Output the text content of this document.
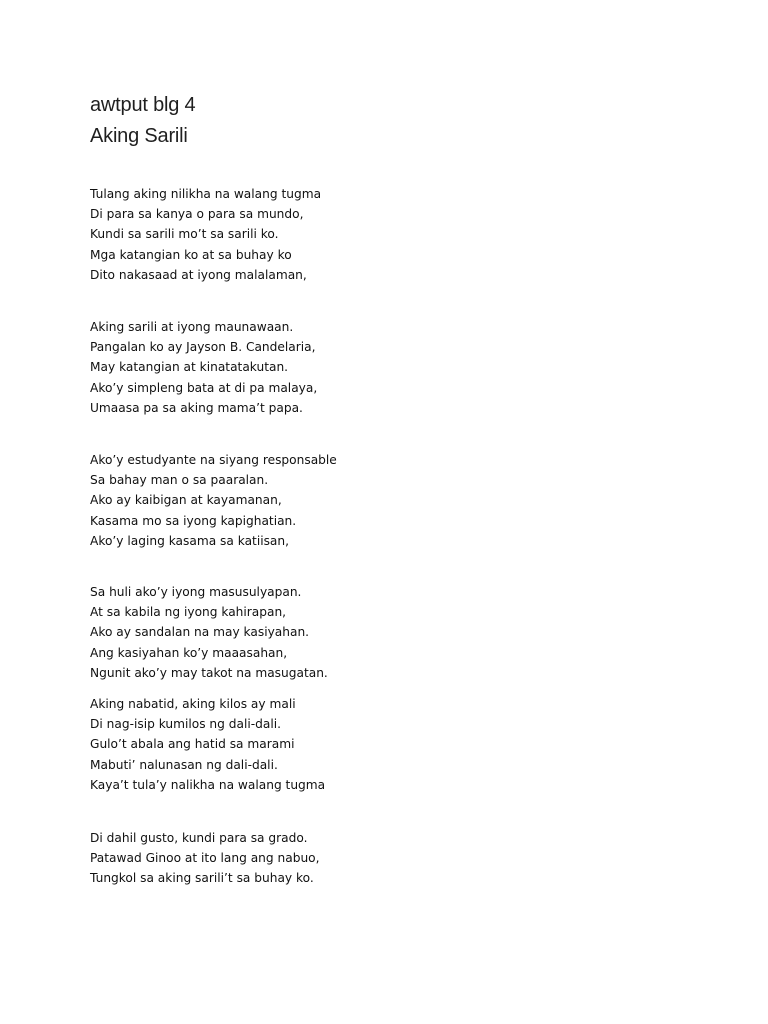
awtput blg 4
Aking Sarili
Tulang aking nilikha na walang tugma
Di para sa kanya o para sa mundo,
Kundi sa sarili mo’t sa sarili ko.
Mga katangian ko at sa buhay ko
Dito nakasaad at iyong malalaman,
Aking sarili at iyong maunawaan.
Pangalan ko ay Jayson B. Candelaria,
May katangian at kinatatakutan.
Ako’y simpleng bata at di pa malaya,
Umaasa pa sa aking mama’t papa.
Ako’y estudyante na siyang responsable
Sa bahay man o sa paaralan.
Ako ay kaibigan at kayamanan,
Kasama mo sa iyong kapighatian.
Ako’y laging kasama sa katiisan,
Sa huli ako’y iyong masusulyapan.
At sa kabila ng iyong kahirapan,
Ako ay sandalan na may kasiyahan.
Ang kasiyahan ko’y maaasahan,
Ngunit ako’y may takot na masugatan.
Aking nabatid, aking kilos ay mali
Di nag-isip kumilos ng dali-dali.
Gulo’t abala ang hatid sa marami
Mabuti’ nalunasan ng dali-dali.
Kaya’t tula’y nalikha na walang tugma
Di dahil gusto, kundi para sa grado.
Patawad Ginoo at ito lang ang nabuo,
Tungkol sa aking sarili’t sa buhay ko.
